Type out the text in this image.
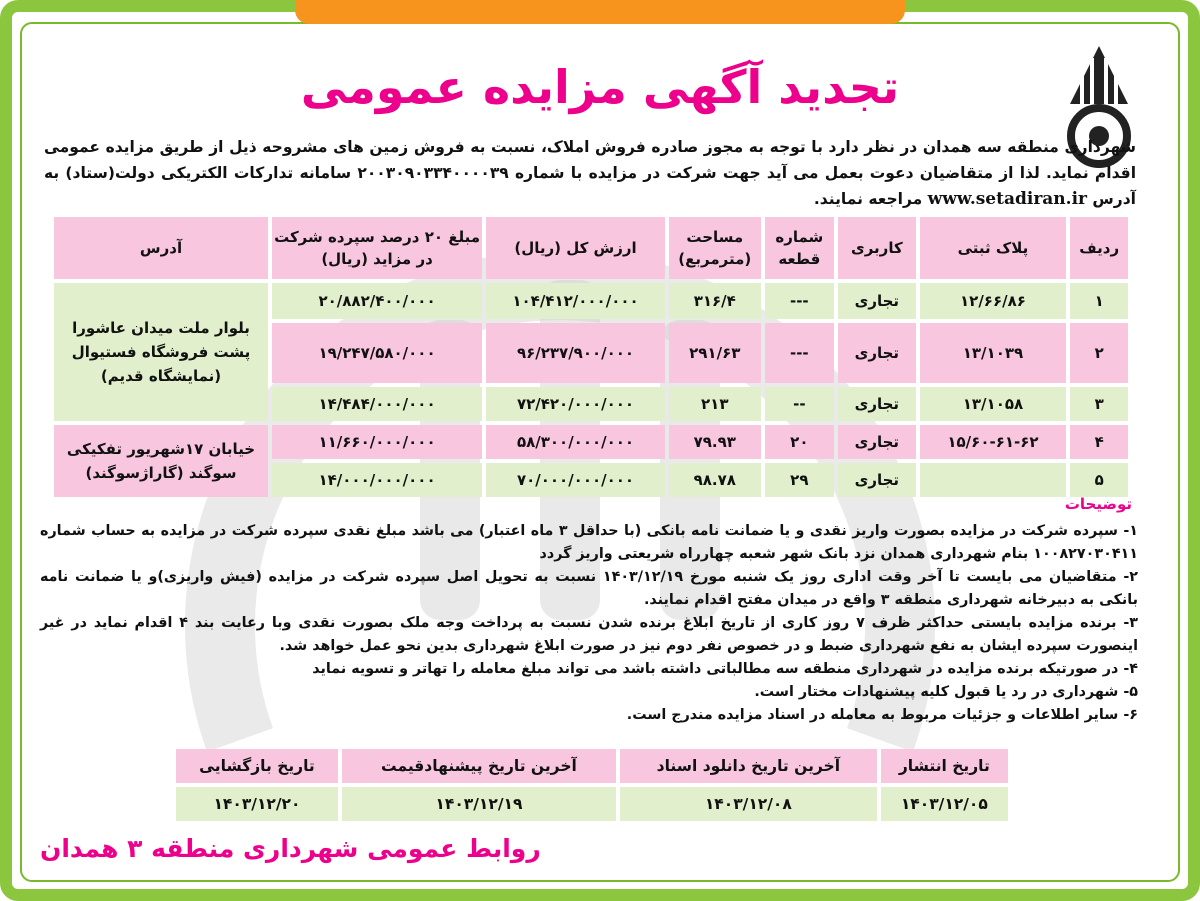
تجدید آگهی مزایده عمومی
شهرداری منطقه سه همدان در نظر دارد با توجه به مجوز صادره فروش املاک، نسبت به فروش زمین های مشروحه ذیل از طریق مزایده عمومی اقدام نماید. لذا از متقاضیان دعوت بعمل می آید جهت شرکت در مزایده با شماره ۲۰۰۳۰۹۰۳۳۴۰۰۰۰۳۹ سامانه تدارکات الکتریکی دولت(ستاد) به آدرس www.setadiran.ir مراجعه نمایند.
ردیف	پلاک ثبتی	کاربری	شماره قطعه	مساحت (مترمربع)	ارزش کل (ریال)	مبلغ ۲۰ درصد سپرده شرکت در مزاید (ریال)	آدرس
۱	۱۲/۶۶/۸۶	تجاری	---	۳۱۶/۴	۱۰۴/۴۱۲/۰۰۰/۰۰۰	۲۰/۸۸۲/۴۰۰/۰۰۰	بلوار ملت میدان عاشورا پشت فروشگاه فستیوال (نمایشگاه قدیم)
۲	۱۳/۱۰۳۹	تجاری	---	۲۹۱/۶۳	۹۶/۲۳۷/۹۰۰/۰۰۰	۱۹/۲۴۷/۵۸۰/۰۰۰	
۳	۱۳/۱۰۵۸	تجاری	--	۲۱۳	۷۲/۴۲۰/۰۰۰/۰۰۰	۱۴/۴۸۴/۰۰۰/۰۰۰	
۴	۱۵/۶۰-۶۱-۶۲	تجاری	۲۰	۷۹.۹۳	۵۸/۳۰۰/۰۰۰/۰۰۰	۱۱/۶۶۰/۰۰۰/۰۰۰	خیابان ۱۷شهریور تفکیکی سوگند (گاراژسوگند)
۵		تجاری	۲۹	۹۸.۷۸	۷۰/۰۰۰/۰۰۰/۰۰۰	۱۴/۰۰۰/۰۰۰/۰۰۰	
توضیحات

۱- سپرده شرکت در مزایده بصورت واریز نقدی و یا ضمانت نامه بانکی (با حداقل ۳ ماه اعتبار) می باشد مبلغ نقدی سپرده شرکت در مزایده به حساب شماره ۱۰۰۸۲۷۰۳۰۴۱۱ بنام شهرداری همدان نزد بانک شهر شعبه چهارراه شریعتی واریز گردد

۲- متقاضیان می بایست تا آخر وقت اداری روز یک شنبه مورخ ۱۴۰۳/۱۲/۱۹ نسبت به تحویل اصل سپرده شرکت در مزایده (فیش واریزی)و یا ضمانت نامه بانکی به دبیرخانه شهرداری منطقه ۳ واقع در میدان مفتح اقدام نمایند.

۳- برنده مزایده بایستی حداکثر ظرف ۷ روز کاری از تاریخ ابلاغ برنده شدن نسبت به پرداخت وجه ملک بصورت نقدی وبا رعایت بند ۴ اقدام نماید در غیر اینصورت سپرده ایشان به نفع شهرداری ضبط و در خصوص نفر دوم نیز در صورت ابلاغ شهرداری بدین نحو عمل خواهد شد.

۴- در صورتیکه برنده مزایده در شهرداری منطقه سه مطالباتی داشته باشد می تواند مبلغ معامله را تهاتر و تسویه نماید

۵- شهرداری در رد یا قبول کلیه پیشنهادات مختار است.

۶- سایر اطلاعات و جزئیات مربوط به معامله در اسناد مزایده مندرج است.

تاریخ انتشار	آخرین تاریخ دانلود اسناد	آخرین تاریخ پیشنهادقیمت	تاریخ بازگشایی
۱۴۰۳/۱۲/۰۵	۱۴۰۳/۱۲/۰۸	۱۴۰۳/۱۲/۱۹	۱۴۰۳/۱۲/۲۰
روابط عمومی شهرداری منطقه ۳ همدان
